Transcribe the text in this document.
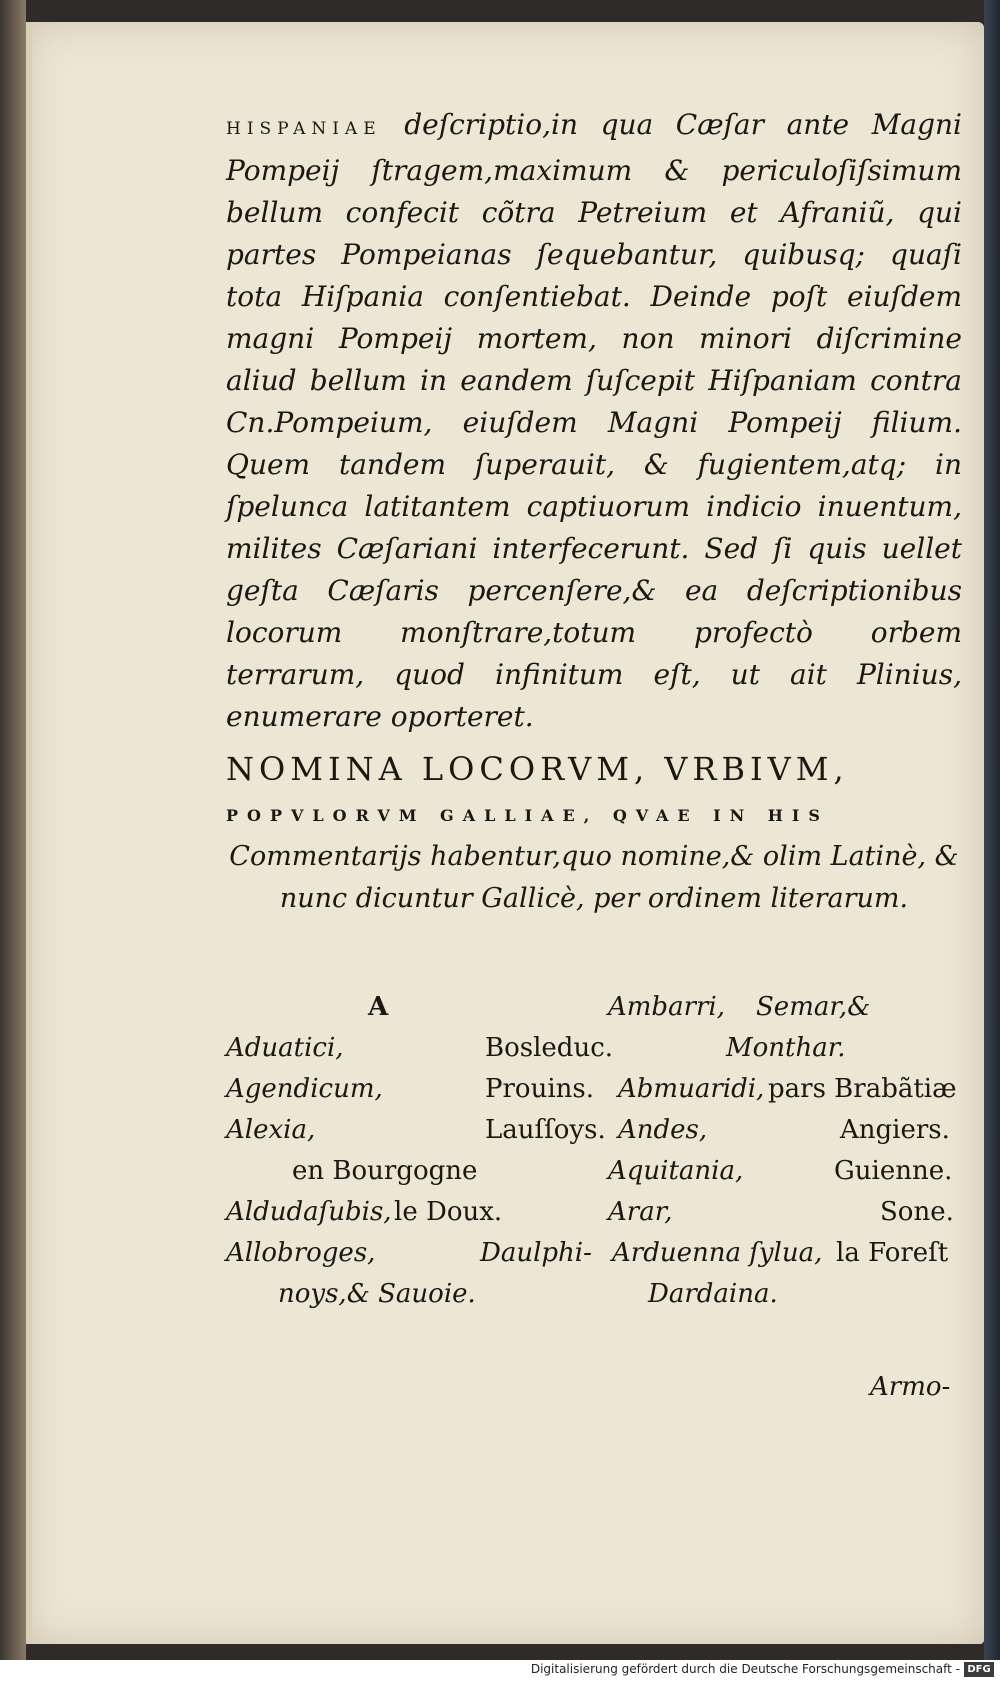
HISPANIAE deſcriptio,in qua Cæſar ante Magni Pompeij ſtragem,maximum & periculoſiſsimum bellum confecit cõtra Petreium et Afraniũ, qui partes Pompeianas ſequebantur, quibusq; quaſi tota Hiſpania conſentiebat. Deinde poſt eiuſdem magni Pompeij mortem, non minori diſcrimine aliud bellum in eandem ſuſcepit Hiſpaniam contra Cn.Pompeium, eiuſdem Magni Pompeij filium. Quem tandem ſuperauit, & fugientem,atq; in ſpelunca latitantem captiuorum indicio inuentum, milites Cæſariani interfecerunt. Sed ſi quis uellet geſta Cæſaris percenſere,& ea deſcriptionibus locorum monſtrare,totum profectò orbem terrarum, quod infinitum eſt, ut ait Plinius, enumerare oporteret.
NOMINA LOCORVM, VRBIVM,
POPVLORVM GALLIAE, QVAE IN HIS
Commentarijs habentur,quo nomine,& olim Latinè, & nunc dicuntur Gallicè, per ordinem literarum.
A
Aduatici,	Bosleduc.
Agendicum,	Prouins.
Alexia,	Lauſſoys.
en Bourgogne
Aldudaſubis, le Doux.
Allobroges,	Daulphi-
noys,& Sauoie.
Ambarri, Semar,&
Monthar.
Abmuaridi, pars Brabãtiæ
Andes,	Angiers.
Aquitania,	Guienne.
Arar,	Sone.
Arduenna ſylua, la Foreſt
Dardaina.
Armo-
Digitalisierung gefördert durch die Deutsche Forschungsgemeinschaft - DFG
